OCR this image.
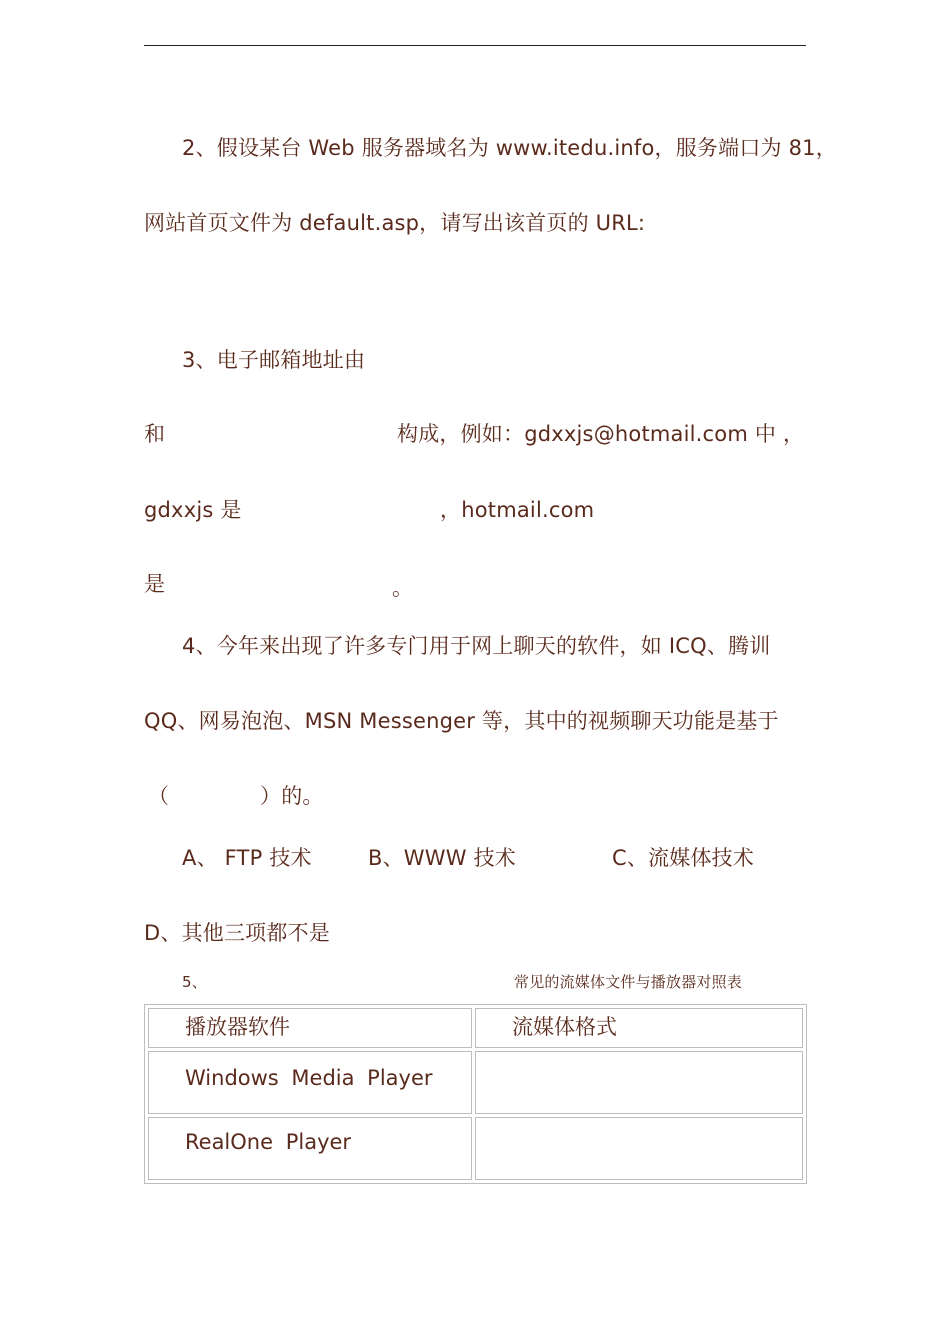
2、假设某台 Web 服务器域名为 www.itedu.info，服务端口为 81，
网站首页文件为 default.asp，请写出该首页的 URL:
3、电子邮箱地址由
和	构成，例如：gdxxjs@hotmail.com 中 ，
gdxxjs 是	，hotmail.com
是	。
4、今年来出现了许多专门用于网上聊天的软件，如 ICQ、腾训
QQ、网易泡泡、MSN Messenger 等，其中的视频聊天功能是基于
（	）的。
A、 FTP 技术	B、WWW 技术	C、流媒体技术
D、其他三项都不是
5、	常见的流媒体文件与播放器对照表
播放器软件	流媒体格式

Windows Media Player	

RealOne Player	
